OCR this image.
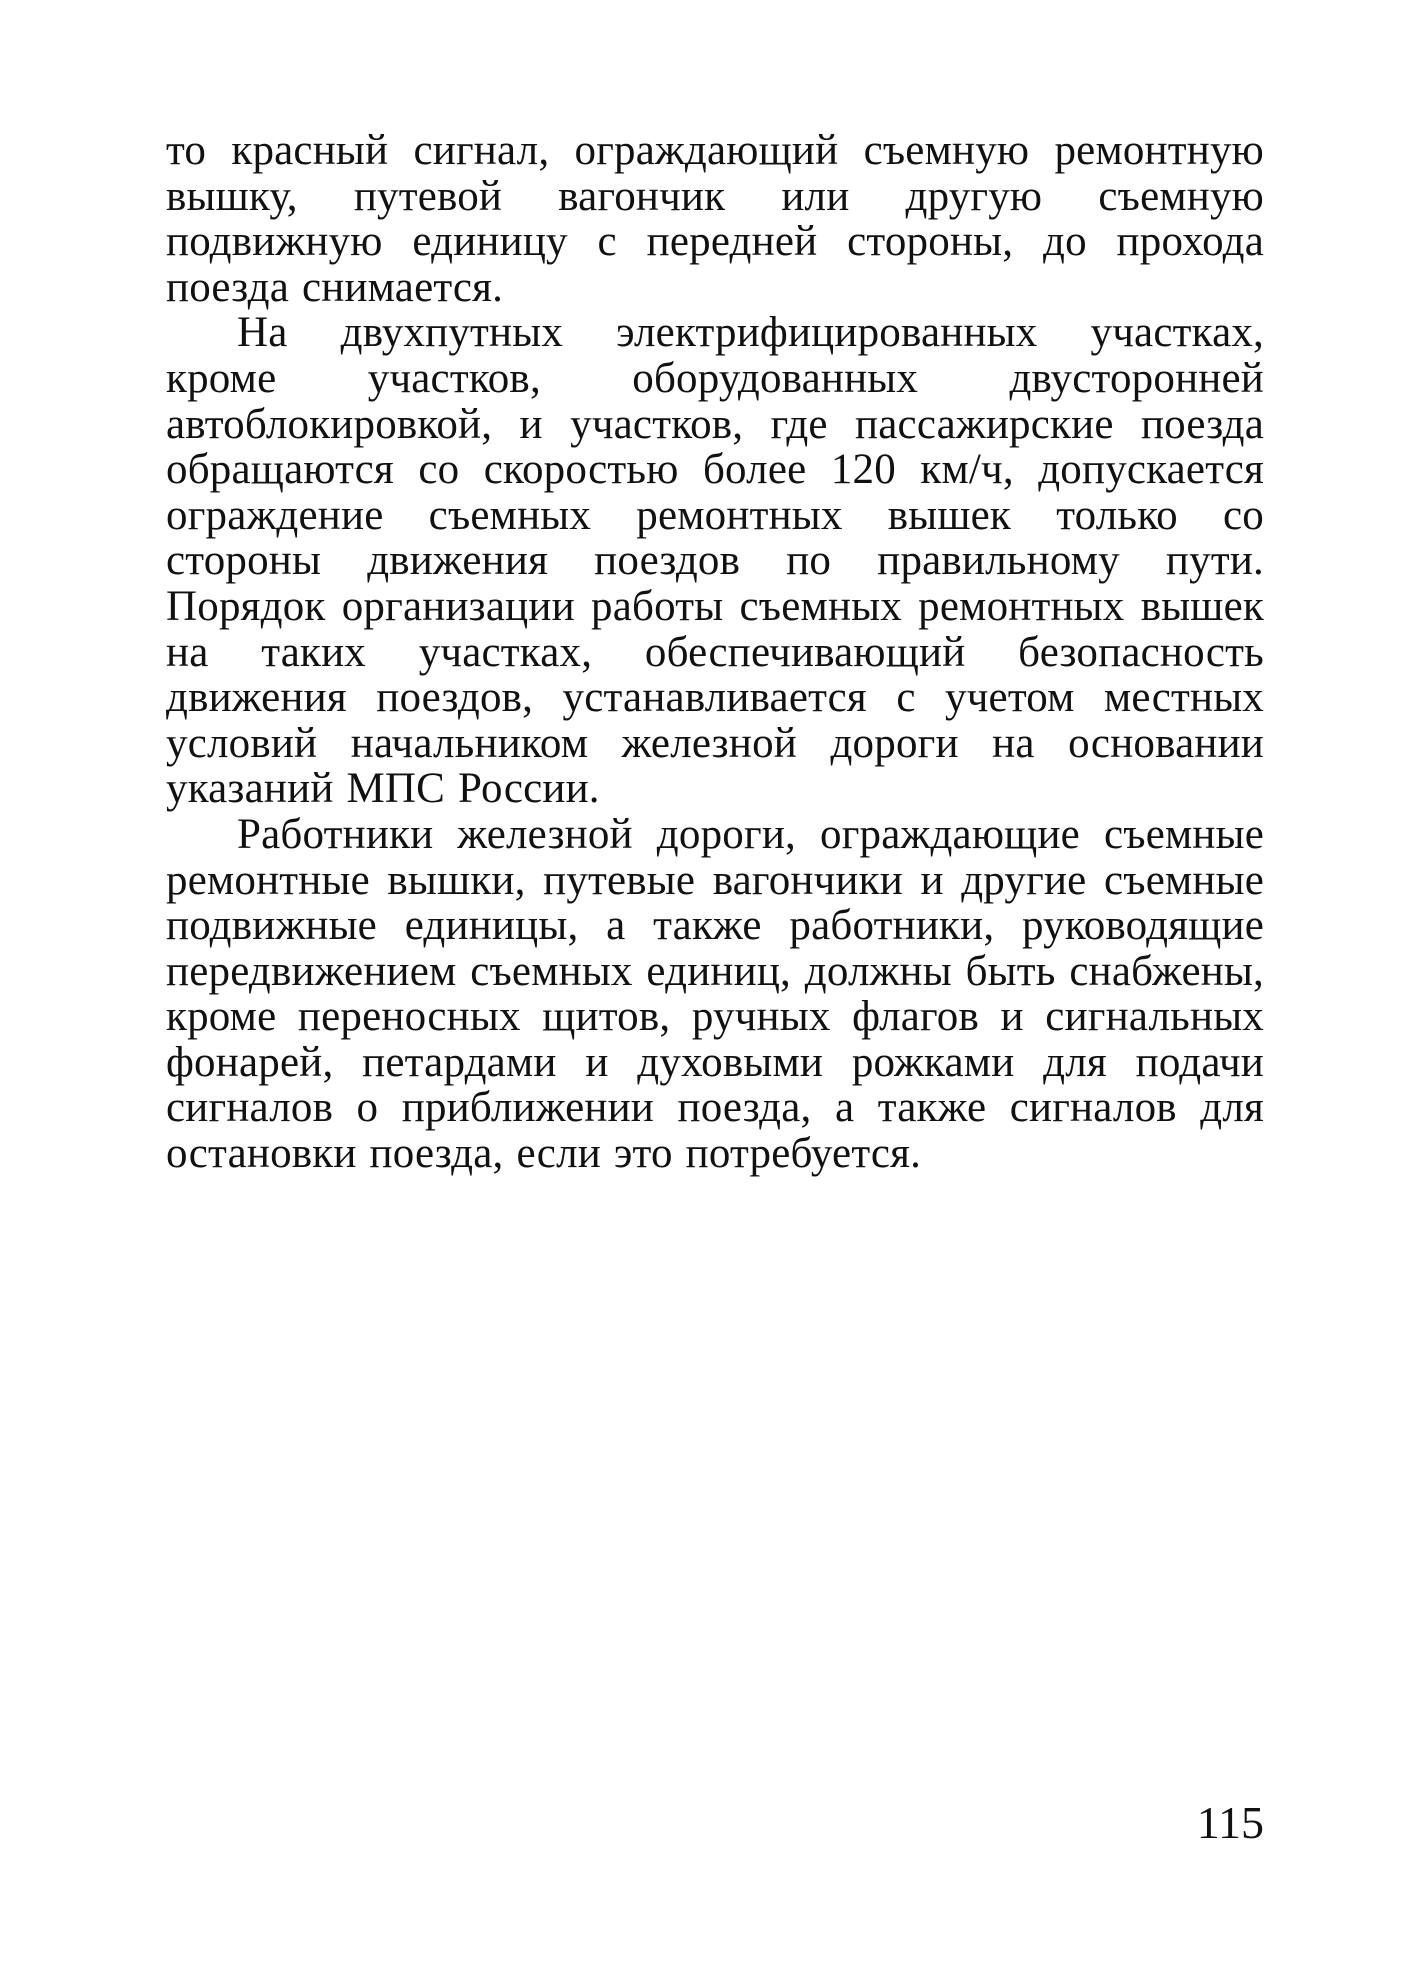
то красный сигнал, ограждающий съемную ремонтную вышку, путевой вагончик или другую съемную подвижную единицу с передней стороны, до прохода поезда снимается.

На двухпутных электрифицированных участках, кроме участков, оборудованных двусторонней автоблокировкой, и участков, где пассажирские поезда обращаются со скоростью более 120 км/ч, допускается ограждение съемных ремонтных вышек только со стороны движения поездов по правильному пути. Порядок организации работы съемных ремонтных вышек на таких участках, обеспечивающий безопасность движения поездов, устанавливается с учетом местных условий начальником железной дороги на основании указаний МПС России.

Работники железной дороги, ограждающие съемные ремонтные вышки, путевые вагончики и другие съемные подвижные единицы, а также работники, руководящие передвижением съемных единиц, должны быть снабжены, кроме переносных щитов, ручных флагов и сигнальных фонарей, петардами и духовыми рожками для подачи сигналов о приближении поезда, а также сигналов для остановки поезда, если это потребуется.

115
